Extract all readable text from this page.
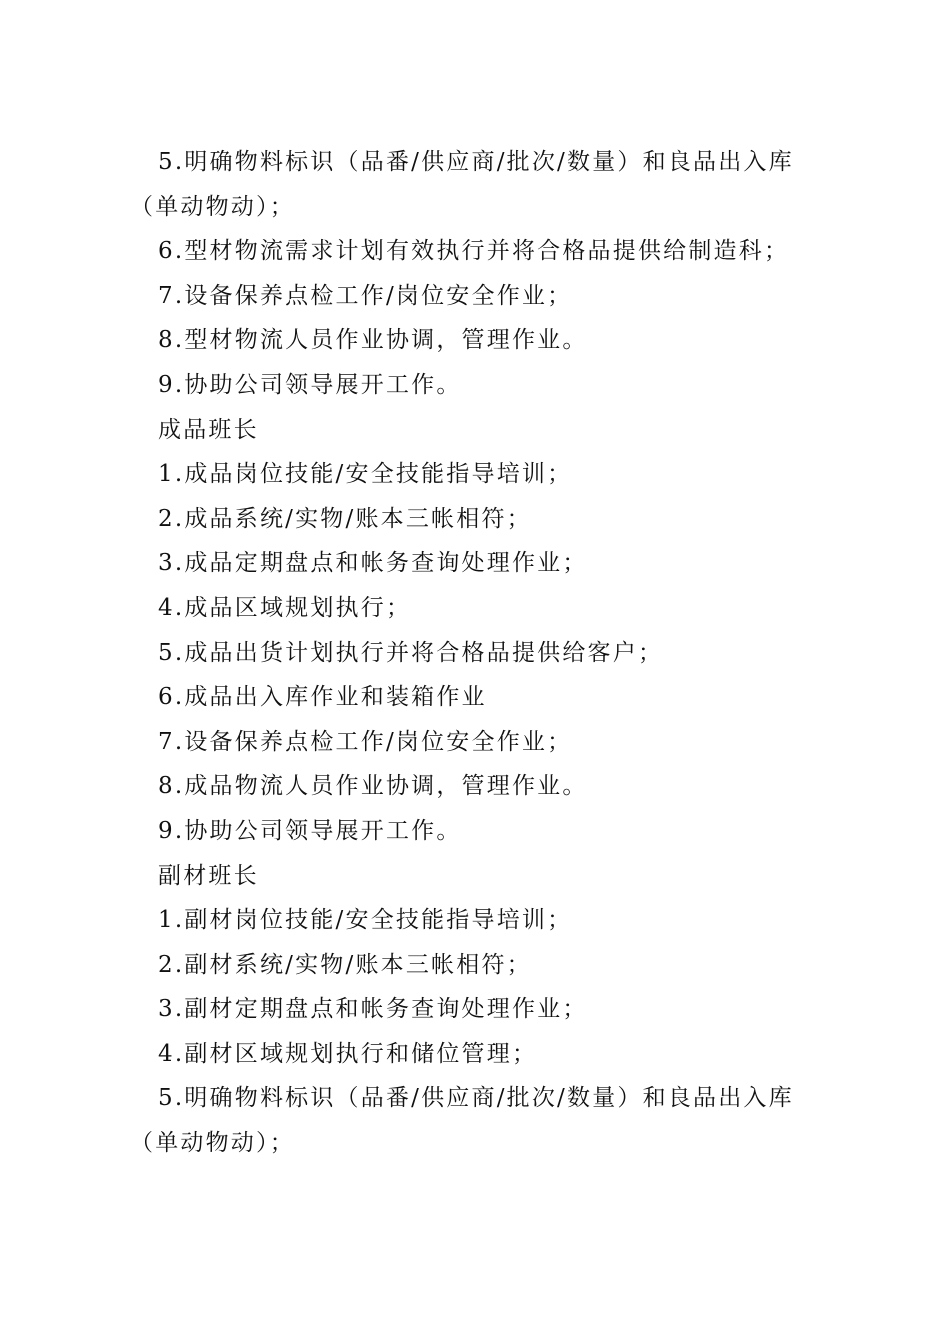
5.明确物料标识（品番/供应商/批次/数量）和良品出入库（单动物动）；

6.型材物流需求计划有效执行并将合格品提供给制造科；

7.设备保养点检工作/岗位安全作业；

8.型材物流人员作业协调，管理作业。

9.协助公司领导展开工作。

成品班长

1.成品岗位技能/安全技能指导培训；

2.成品系统/实物/账本三帐相符；

3.成品定期盘点和帐务查询处理作业；

4.成品区域规划执行；

5.成品出货计划执行并将合格品提供给客户；

6.成品出入库作业和装箱作业

7.设备保养点检工作/岗位安全作业；

8.成品物流人员作业协调，管理作业。

9.协助公司领导展开工作。

副材班长

1.副材岗位技能/安全技能指导培训；

2.副材系统/实物/账本三帐相符；

3.副材定期盘点和帐务查询处理作业；

4.副材区域规划执行和储位管理；

5.明确物料标识（品番/供应商/批次/数量）和良品出入库（单动物动）；
